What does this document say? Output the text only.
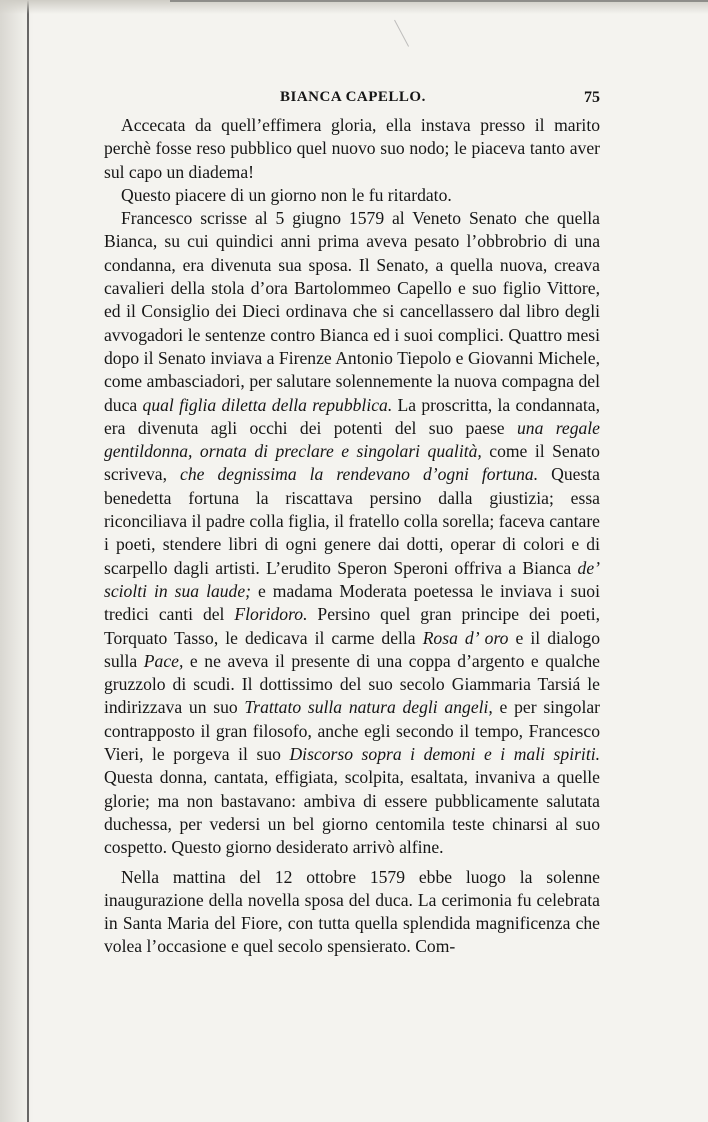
BIANCA CAPELLO.	75

Accecata da quell’effimera gloria, ella instava presso il marito perchè fosse reso pubblico quel nuovo suo nodo; le piaceva tanto aver sul capo un diadema!

Questo piacere di un giorno non le fu ritardato.

Francesco scrisse al 5 giugno 1579 al Veneto Senato che quella Bianca, su cui quindici anni prima aveva pesato l’obbrobrio di una condanna, era divenuta sua sposa. Il Senato, a quella nuova, creava cavalieri della stola d’ora Bartolommeo Capello e suo figlio Vittore, ed il Consiglio dei Dieci ordinava che si cancellassero dal libro degli avvogadori le sentenze contro Bianca ed i suoi complici. Quattro mesi dopo il Senato inviava a Firenze Antonio Tiepolo e Giovanni Michele, come ambasciadori, per salutare solennemente la nuova compagna del duca qual figlia diletta della repubblica. La proscritta, la condannata, era divenuta agli occhi dei potenti del suo paese una regale gentildonna, ornata di preclare e singolari qualità, come il Senato scriveva, che degnissima la rendevano d’ogni fortuna. Questa benedetta fortuna la riscattava persino dalla giustizia; essa riconciliava il padre colla figlia, il fratello colla sorella; faceva cantare i poeti, stendere libri di ogni genere dai dotti, operar di colori e di scarpello dagli artisti. L’erudito Speron Speroni offriva a Bianca de’ sciolti in sua laude; e madama Moderata poetessa le inviava i suoi tredici canti del Floridoro. Persino quel gran principe dei poeti, Torquato Tasso, le dedicava il carme della Rosa d’ oro e il dialogo sulla Pace, e ne aveva il presente di una coppa d’argento e qualche gruzzolo di scudi. Il dottissimo del suo secolo Giammaria Tarsiá le indirizzava un suo Trattato sulla natura degli angeli, e per singolar contrapposto il gran filosofo, anche egli secondo il tempo, Francesco Vieri, le porgeva il suo Discorso sopra i demoni e i mali spiriti. Questa donna, cantata, effigiata, scolpita, esaltata, invaniva a quelle glorie; ma non bastavano: ambiva di essere pubblicamente salutata duchessa, per vedersi un bel giorno centomila teste chinarsi al suo cospetto. Questo giorno desiderato arrivò alfine.

Nella mattina del 12 ottobre 1579 ebbe luogo la solenne inaugurazione della novella sposa del duca. La cerimonia fu celebrata in Santa Maria del Fiore, con tutta quella splendida magnificenza che volea l’occasione e quel secolo spensierato. Com-
